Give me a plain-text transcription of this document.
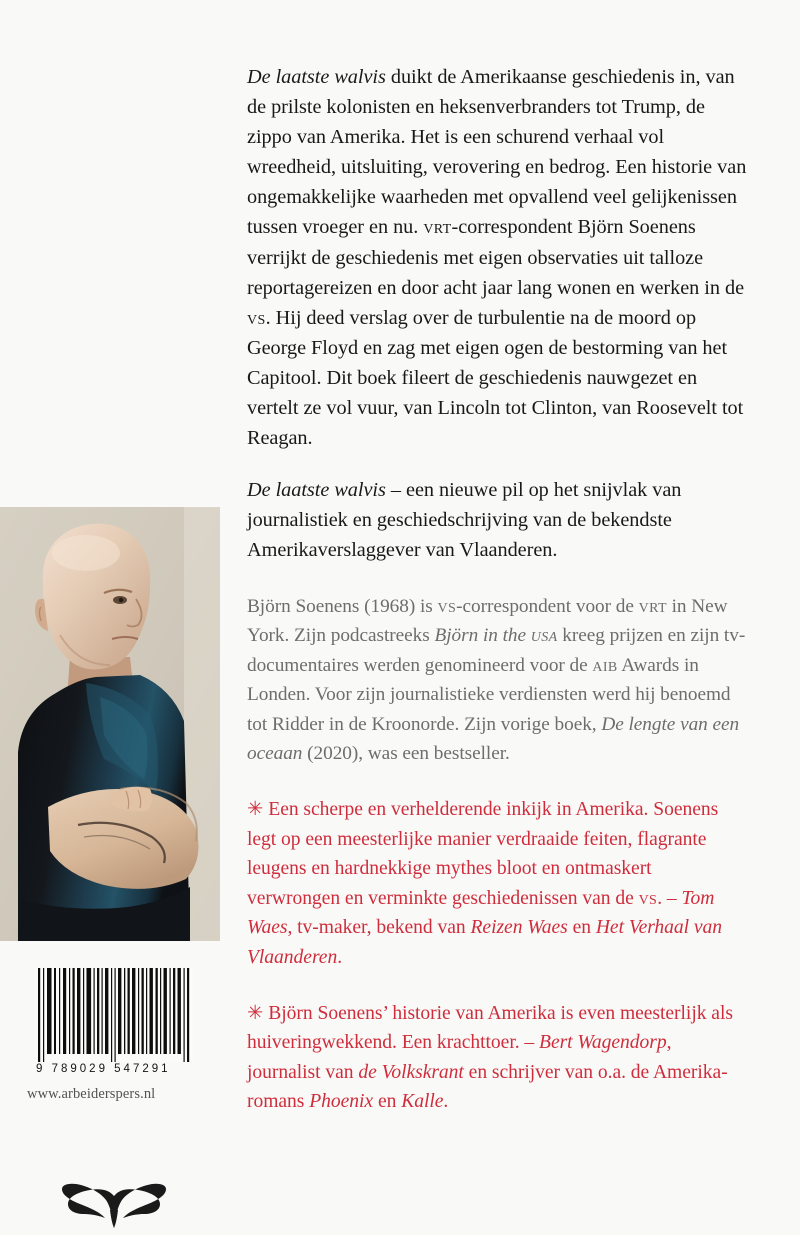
9 789029 547291
www.arbeiderspers.nl

De laatste walvis duikt de Amerikaanse geschiedenis in, van de prilste kolonisten en heksenverbranders tot Trump, de zippo van Amerika. Het is een schurend verhaal vol wreedheid, uitsluiting, verovering en bedrog. Een historie van ongemakkelijke waarheden met opvallend veel gelijkenissen tussen vroeger en nu. vrt-correspondent Björn Soenens verrijkt de geschiedenis met eigen observaties uit talloze reportagereizen en door acht jaar lang wonen en werken in de vs. Hij deed verslag over de turbulentie na de moord op George Floyd en zag met eigen ogen de bestorming van het Capitool. Dit boek fileert de geschiedenis nauwgezet en vertelt ze vol vuur, van Lincoln tot Clinton, van Roosevelt tot Reagan.

De laatste walvis – een nieuwe pil op het snijvlak van journalistiek en geschiedschrijving van de bekendste Amerikaverslaggever van Vlaanderen.

Björn Soenens (1968) is vs-correspondent voor de vrt in New York. Zijn podcastreeks Björn in the usa kreeg prijzen en zijn tv-documentaires werden genomineerd voor de aib Awards in Londen. Voor zijn journalistieke verdiensten werd hij benoemd tot Ridder in de Kroonorde. Zijn vorige boek, De lengte van een oceaan (2020), was een bestseller.

✳ Een scherpe en verhelderende inkijk in Amerika. Soenens legt op een meesterlijke manier verdraaide feiten, flagrante leugens en hardnekkige mythes bloot en ontmaskert verwrongen en verminkte geschiedenissen van de vs. – Tom Waes, tv-maker, bekend van Reizen Waes en Het Verhaal van Vlaanderen.

✳ Björn Soenens’ historie van Amerika is even meesterlijk als huiveringwekkend. Een krachttoer. – Bert Wagendorp, journalist van de Volkskrant en schrijver van o.a. de Amerika-romans Phoenix en Kalle.
